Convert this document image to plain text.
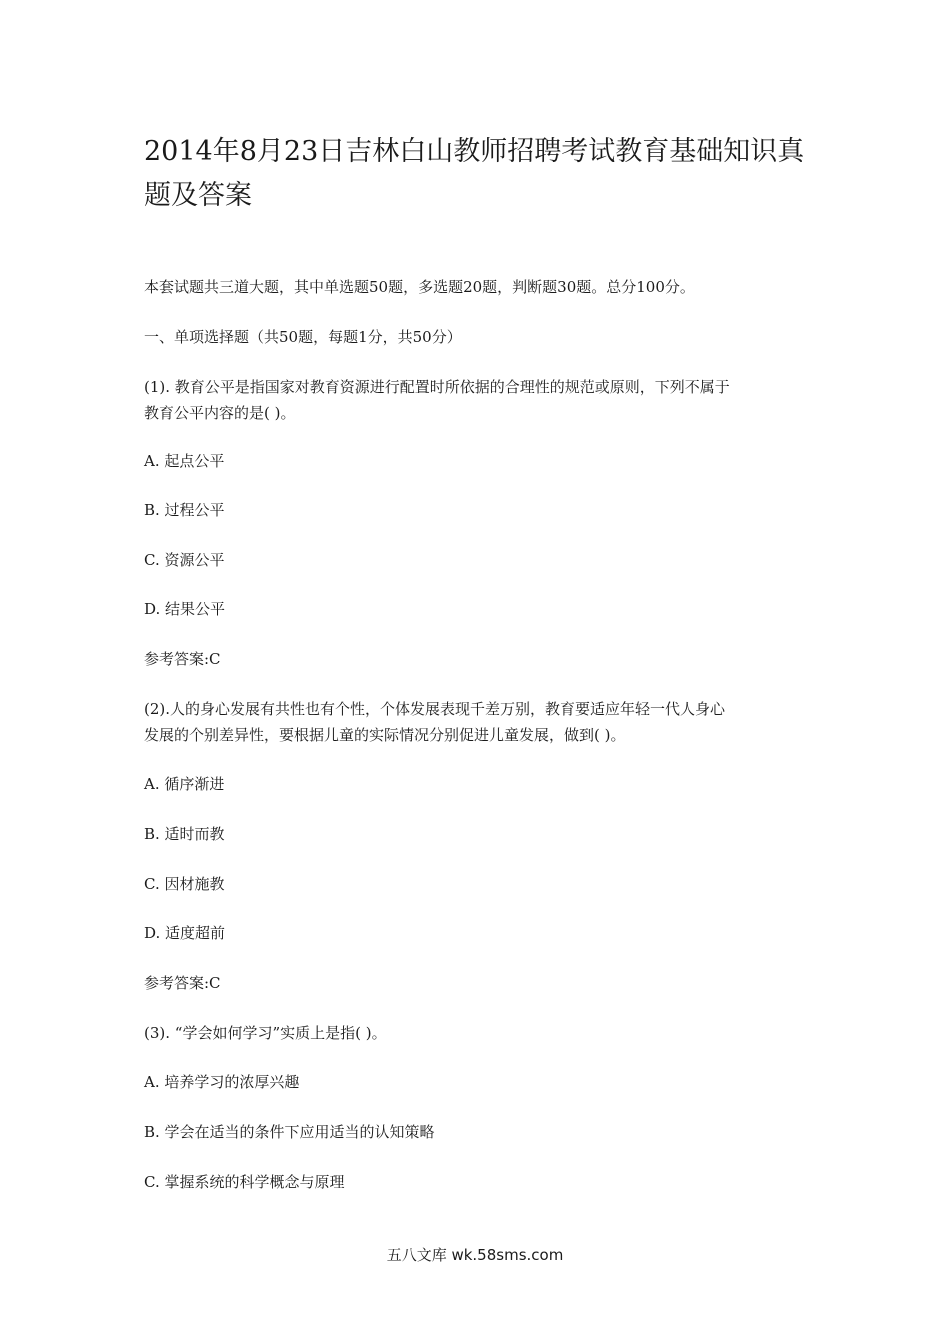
2014年8月23日吉林白山教师招聘考试教育基础知识真题及答案

本套试题共三道大题，其中单选题50题，多选题20题，判断题30题。总分100分。

一、单项选择题（共50题，每题1分，共50分）

(1). 教育公平是指国家对教育资源进行配置时所依据的合理性的规范或原则，下列不属于

教育公平内容的是( )。

A. 起点公平

B. 过程公平

C. 资源公平

D. 结果公平

参考答案:C

(2).人的身心发展有共性也有个性，个体发展表现千差万别，教育要适应年轻一代人身心

发展的个别差异性，要根据儿童的实际情况分别促进儿童发展，做到( )。

A. 循序渐进

B. 适时而教

C. 因材施教

D. 适度超前

参考答案:C

(3). “学会如何学习”实质上是指( )。

A. 培养学习的浓厚兴趣

B. 学会在适当的条件下应用适当的认知策略

C. 掌握系统的科学概念与原理

五八文库 wk.58sms.com
